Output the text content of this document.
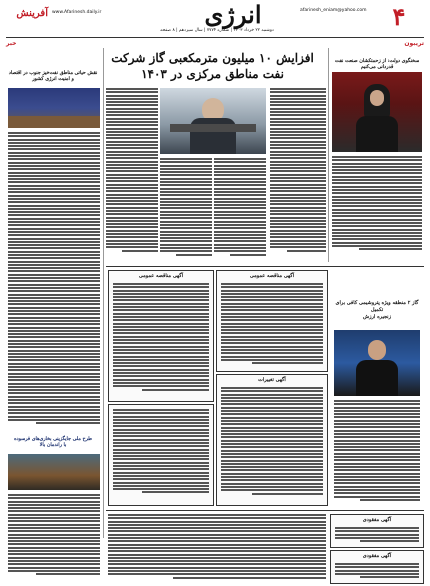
۴
انرژی
آفرینش	afarinesh_eniam@yahoo.com
www.Afarinesh.daily.ir
دوشنبه ۲۲ خرداد ۱۴۰۳ | شماره ۷۷۷۴ | سال سیزدهم | ۸ صفحه
تریبون
خبر
افزایش ۱۰ میلیون مترمکعبی گاز شرکت
نفت مناطق مرکزی در ۱۴۰۳
سخنگوی دولت: از زحمتکشان صنعت نفت
قدردانی می‌کنیم
نقش حیاتی مناطق نفت‌خیز جنوب در اقتصاد
و امنیت انرژی کشور
طرح ملی جایگزینی بخاری‌های فرسوده
با راندمان بالا
گاز ۲ منطقه ویژه پتروشیمی کافی برای تکمیل
زنجیره ارزش
آگهی مناقصه عمومی
آگهی مناقصه عمومی
آگهی تغییرات
آگهی مفقودی
آگهی مفقودی
